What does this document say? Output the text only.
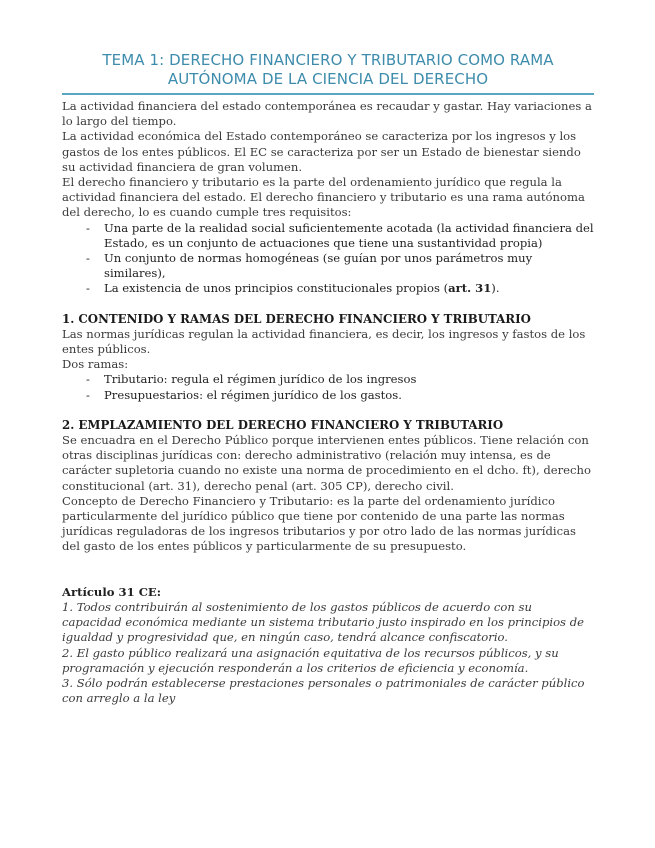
TEMA 1: DERECHO FINANCIERO Y TRIBUTARIO COMO RAMA
AUTÓNOMA DE LA CIENCIA DEL DERECHO

La actividad financiera del estado contemporánea es recaudar y gastar. Hay variaciones a lo largo del tiempo.

La actividad económica del Estado contemporáneo se caracteriza por los ingresos y los gastos de los entes públicos. El EC se caracteriza por ser un Estado de bienestar siendo su actividad financiera de gran volumen.

El derecho financiero y tributario es la parte del ordenamiento jurídico que regula la actividad financiera del estado. El derecho financiero y tributario es una rama autónoma del derecho, lo es cuando cumple tres requisitos:

- Una parte de la realidad social suficientemente acotada (la actividad financiera del Estado, es un conjunto de actuaciones que tiene una sustantividad propia)
- Un conjunto de normas homogéneas (se guían por unos parámetros muy similares),
- La existencia de unos principios constitucionales propios (art. 31).
1. CONTENIDO Y RAMAS DEL DERECHO FINANCIERO Y TRIBUTARIO

Las normas jurídicas regulan la actividad financiera, es decir, los ingresos y fastos de los entes públicos.

Dos ramas:

- Tributario: regula el régimen jurídico de los ingresos
- Presupuestarios: el régimen jurídico de los gastos.
2. EMPLAZAMIENTO DEL DERECHO FINANCIERO Y TRIBUTARIO

Se encuadra en el Derecho Público porque intervienen entes públicos. Tiene relación con otras disciplinas jurídicas con: derecho administrativo (relación muy intensa, es de carácter supletoria cuando no existe una norma de procedimiento en el dcho. ft), derecho constitucional (art. 31), derecho penal (art. 305 CP), derecho civil.

Concepto de Derecho Financiero y Tributario: es la parte del ordenamiento jurídico particularmente del jurídico público que tiene por contenido de una parte las normas jurídicas reguladoras de los ingresos tributarios y por otro lado de las normas jurídicas del gasto de los entes públicos y particularmente de su presupuesto.

Artículo 31 CE:

1. Todos contribuirán al sostenimiento de los gastos públicos de acuerdo con su capacidad económica mediante un sistema tributario justo inspirado en los principios de igualdad y progresividad que, en ningún caso, tendrá alcance confiscatorio.

2. El gasto público realizará una asignación equitativa de los recursos públicos, y su programación y ejecución responderán a los criterios de eficiencia y economía.

3. Sólo podrán establecerse prestaciones personales o patrimoniales de carácter público con arreglo a la ley
